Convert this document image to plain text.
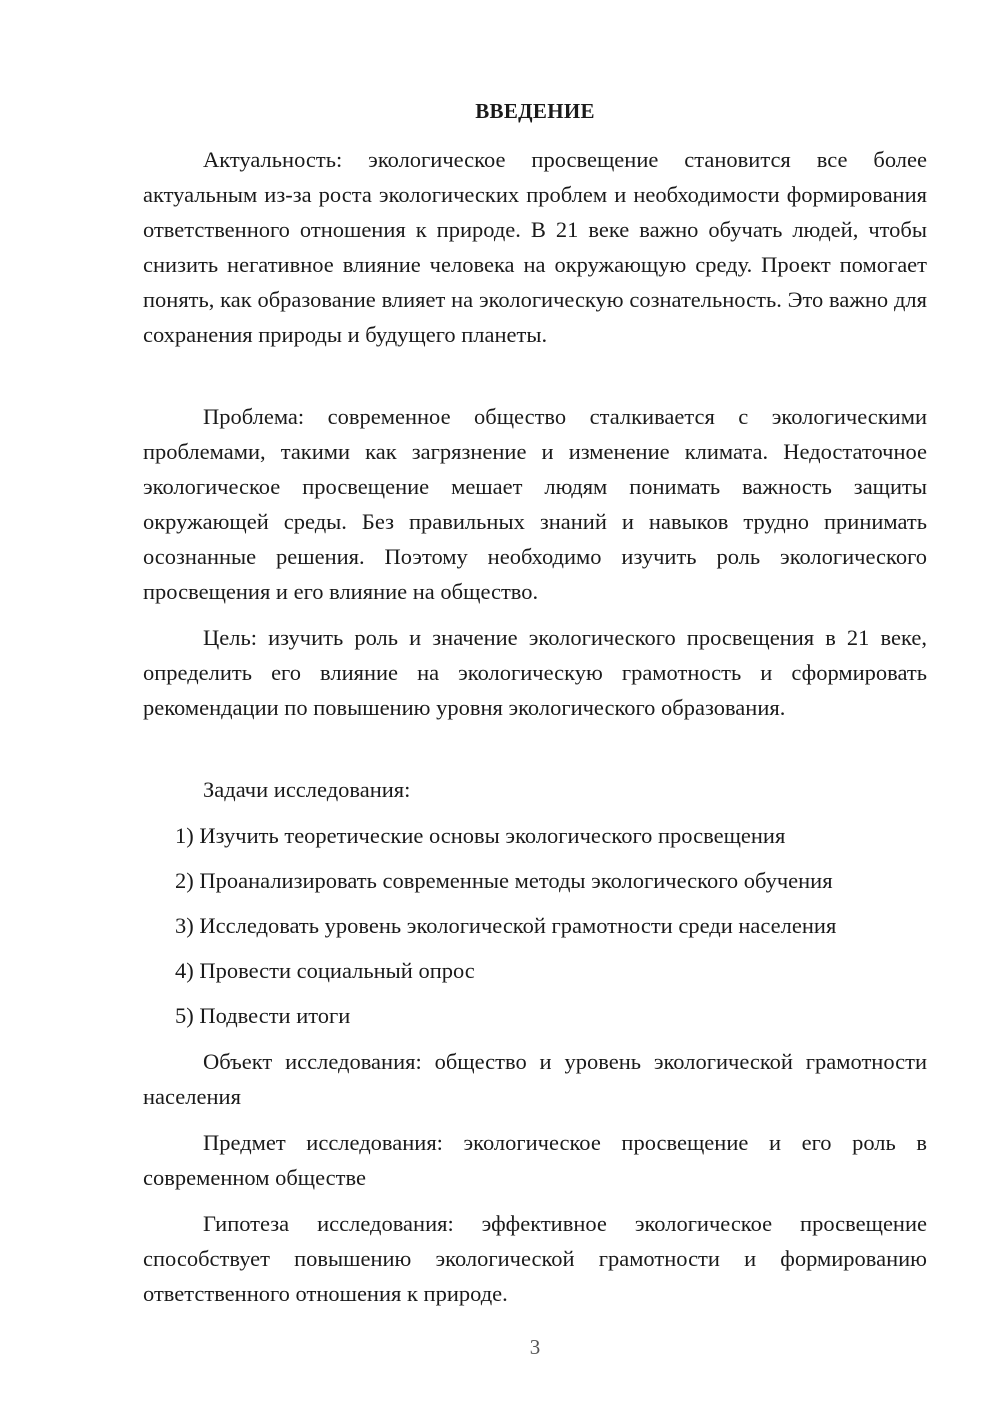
ВВЕДЕНИЕ

Актуальность: экологическое просвещение становится все более актуальным из-за роста экологических проблем и необходимости формирования ответственного отношения к природе. В 21 веке важно обучать людей, чтобы снизить негативное влияние человека на окружающую среду. Проект помогает понять, как образование влияет на экологическую сознательность. Это важно для сохранения природы и будущего планеты.

Проблема: современное общество сталкивается с экологическими проблемами, такими как загрязнение и изменение климата. Недостаточное экологическое просвещение мешает людям понимать важность защиты окружающей среды. Без правильных знаний и навыков трудно принимать осознанные решения. Поэтому необходимо изучить роль экологического просвещения и его влияние на общество.

Цель: изучить роль и значение экологического просвещения в 21 веке, определить его влияние на экологическую грамотность и сформировать рекомендации по повышению уровня экологического образования.

Задачи исследования:

1) Изучить теоретические основы экологического просвещения

2) Проанализировать современные методы экологического обучения

3) Исследовать уровень экологической грамотности среди населения

4) Провести социальный опрос

5) Подвести итоги

Объект исследования: общество и уровень экологической грамотности населения

Предмет исследования: экологическое просвещение и его роль в современном обществе

Гипотеза исследования: эффективное экологическое просвещение способствует повышению экологической грамотности и формированию ответственного отношения к природе.

3
